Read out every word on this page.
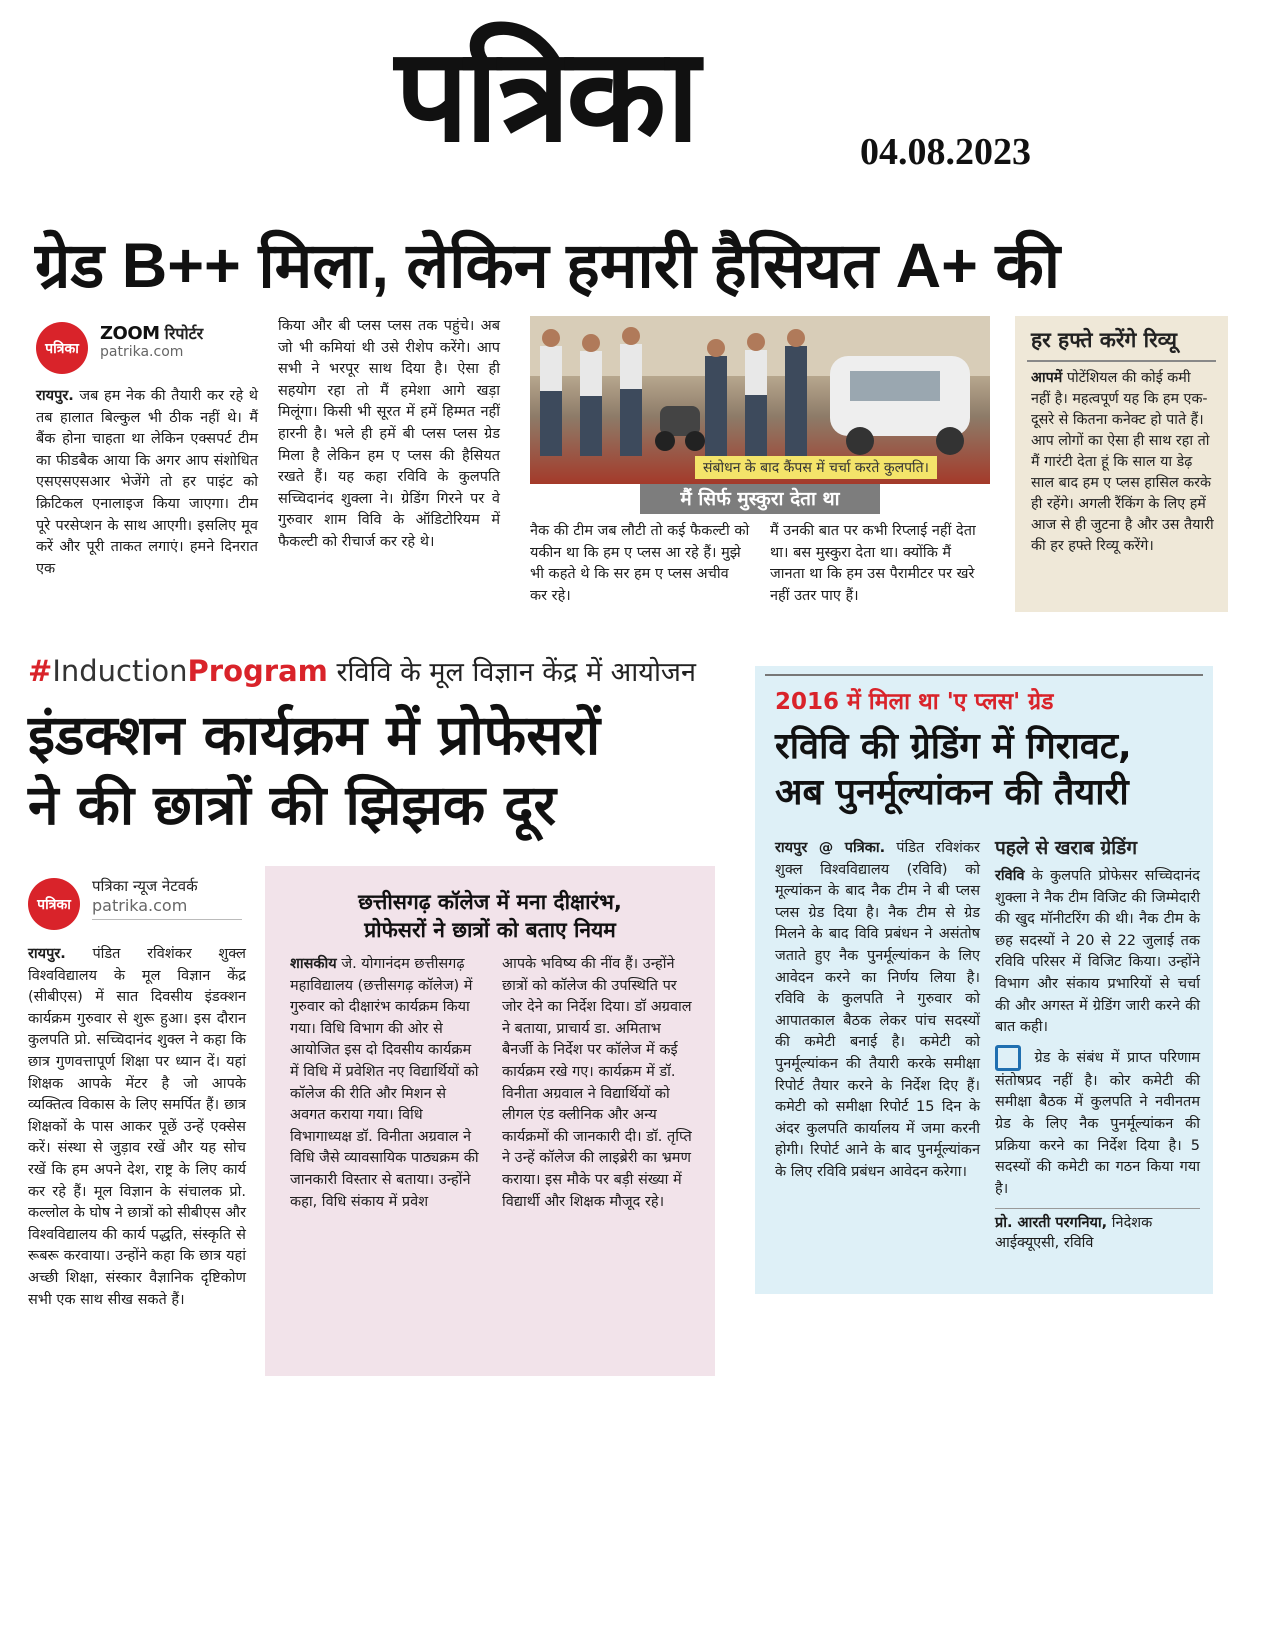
पत्रिका	04.08.2023
ग्रेड B++ मिला, लेकिन हमारी हैसियत A+ की
पत्रिका
ZOOM रिपोर्टर
patrika.com
रायपुर. जब हम नेक की तैयारी कर रहे थे तब हालात बिल्कुल भी ठीक नहीं थे। मैं बैंक होना चाहता था लेकिन एक्सपर्ट टीम का फीडबैक आया कि अगर आप संशोधित एसएसएसआर भेजेंगे तो हर पाइंट को क्रिटिकल एनालाइज किया जाएगा। टीम पूरे परसेप्शन के साथ आएगी। इसलिए मूव करें और पूरी ताकत लगाएं। हमने दिनरात एक
किया और बी प्लस प्लस तक पहुंचे। अब जो भी कमियां थी उसे रीशेप करेंगे। आप सभी ने भरपूर साथ दिया है। ऐसा ही सहयोग रहा तो मैं हमेशा आगे खड़ा मिलूंगा। किसी भी सूरत में हमें हिम्मत नहीं हारनी है। भले ही हमें बी प्लस प्लस ग्रेड मिला है लेकिन हम ए प्लस की हैसियत रखते हैं। यह कहा रविवि के कुलपति सच्चिदानंद शुक्ला ने। ग्रेडिंग गिरने पर वे गुरुवार शाम विवि के ऑडिटोरियम में फैकल्टी को रीचार्ज कर रहे थे।
संबोधन के बाद कैंपस में चर्चा करते कुलपति।
मैं सिर्फ मुस्कुरा देता था
नैक की टीम जब लौटी तो कई फैकल्टी को यकीन था कि हम ए प्लस आ रहे हैं। मुझे भी कहते थे कि सर हम ए प्लस अचीव कर रहे।
मैं उनकी बात पर कभी रिप्लाई नहीं देता था। बस मुस्कुरा देता था। क्योंकि मैं जानता था कि हम उस पैरामीटर पर खरे नहीं उतर पाए हैं।
हर हफ्ते करेंगे रिव्यू
आपमें पोटेंशियल की कोई कमी नहीं है। महत्वपूर्ण यह कि हम एक-दूसरे से कितना कनेक्ट हो पाते हैं। आप लोगों का ऐसा ही साथ रहा तो मैं गारंटी देता हूं कि साल या डेढ़ साल बाद हम ए प्लस हासिल करके ही रहेंगे। अगली रैंकिंग के लिए हमें आज से ही जुटना है और उस तैयारी की हर हफ्ते रिव्यू करेंगे।
#InductionProgram रविवि के मूल विज्ञान केंद्र में आयोजन
इंडक्शन कार्यक्रम में प्रोफेसरों
ने की छात्रों की झिझक दूर
पत्रिका
पत्रिका न्यूज नेटवर्क
patrika.com
रायपुर. पंडित रविशंकर शुक्ल विश्वविद्यालय के मूल विज्ञान केंद्र (सीबीएस) में सात दिवसीय इंडक्शन कार्यक्रम गुरुवार से शुरू हुआ। इस दौरान कुलपति प्रो. सच्चिदानंद शुक्ल ने कहा कि छात्र गुणवत्तापूर्ण शिक्षा पर ध्यान दें। यहां शिक्षक आपके मेंटर है जो आपके व्यक्तित्व विकास के लिए समर्पित हैं। छात्र शिक्षकों के पास आकर पूछें उन्हें एक्सेस करें। संस्था से जुड़ाव रखें और यह सोच रखें कि हम अपने देश, राष्ट्र के लिए कार्य कर रहे हैं। मूल विज्ञान के संचालक प्रो. कल्लोल के घोष ने छात्रों को सीबीएस और विश्वविद्यालय की कार्य पद्धति, संस्कृति से रूबरू करवाया। उन्होंने कहा कि छात्र यहां अच्छी शिक्षा, संस्कार वैज्ञानिक दृष्टिकोण सभी एक साथ सीख सकते हैं।
छत्तीसगढ़ कॉलेज में मना दीक्षारंभ,
प्रोफेसरों ने छात्रों को बताए नियम
शासकीय जे. योगानंदम छत्तीसगढ़ महाविद्यालय (छत्तीसगढ़ कॉलेज) में गुरुवार को दीक्षारंभ कार्यक्रम किया गया। विधि विभाग की ओर से आयोजित इस दो दिवसीय कार्यक्रम में विधि में प्रवेशित नए विद्यार्थियों को कॉलेज की रीति और मिशन से अवगत कराया गया। विधि विभागाध्यक्ष डॉ. विनीता अग्रवाल ने विधि जैसे व्यावसायिक पाठ्यक्रम की जानकारी विस्तार से बताया। उन्होंने कहा, विधि संकाय में प्रवेश
आपके भविष्य की नींव हैं। उन्होंने छात्रों को कॉलेज की उपस्थिति पर जोर देने का निर्देश दिया। डॉ अग्रवाल ने बताया, प्राचार्य डा. अमिताभ बैनर्जी के निर्देश पर कॉलेज में कई कार्यक्रम रखे गए। कार्यक्रम में डॉ. विनीता अग्रवाल ने विद्यार्थियों को लीगल एंड क्लीनिक और अन्य कार्यक्रमों की जानकारी दी। डॉ. तृप्ति ने उन्हें कॉलेज की लाइब्रेरी का भ्रमण कराया। इस मौके पर बड़ी संख्या में विद्यार्थी और शिक्षक मौजूद रहे।
2016 में मिला था 'ए प्लस' ग्रेड
रविवि की ग्रेडिंग में गिरावट,
अब पुनर्मूल्यांकन की तैयारी
रायपुर @ पत्रिका. पंडित रविशंकर शुक्ल विश्वविद्यालय (रविवि) को मूल्यांकन के बाद नैक टीम ने बी प्लस प्लस ग्रेड दिया है। नैक टीम से ग्रेड मिलने के बाद विवि प्रबंधन ने असंतोष जताते हुए नैक पुनर्मूल्यांकन के लिए आवेदन करने का निर्णय लिया है। रविवि के कुलपति ने गुरुवार को आपातकाल बैठक लेकर पांच सदस्यों की कमेटी बनाई है। कमेटी को पुनर्मूल्यांकन की तैयारी करके समीक्षा रिपोर्ट तैयार करने के निर्देश दिए हैं। कमेटी को समीक्षा रिपोर्ट 15 दिन के अंदर कुलपति कार्यालय में जमा करनी होगी। रिपोर्ट आने के बाद पुनर्मूल्यांकन के लिए रविवि प्रबंधन आवेदन करेगा।
पहले से खराब ग्रेडिंग
रविवि के कुलपति प्रोफेसर सच्चिदानंद शुक्ला ने नैक टीम विजिट की जिम्मेदारी की खुद मॉनीटरिंग की थी। नैक टीम के छह सदस्यों ने 20 से 22 जुलाई तक रविवि परिसर में विजिट किया। उन्होंने विभाग और संकाय प्रभारियों से चर्चा की और अगस्त में ग्रेडिंग जारी करने की बात कही।
ग्रेड के संबंध में प्राप्त परिणाम संतोषप्रद नहीं है। कोर कमेटी की समीक्षा बैठक में कुलपति ने नवीनतम ग्रेड के लिए नैक पुनर्मूल्यांकन की प्रक्रिया करने का निर्देश दिया है। 5 सदस्यों की कमेटी का गठन किया गया है।
प्रो. आरती परगनिया, निदेशक आईक्यूएसी, रविवि
